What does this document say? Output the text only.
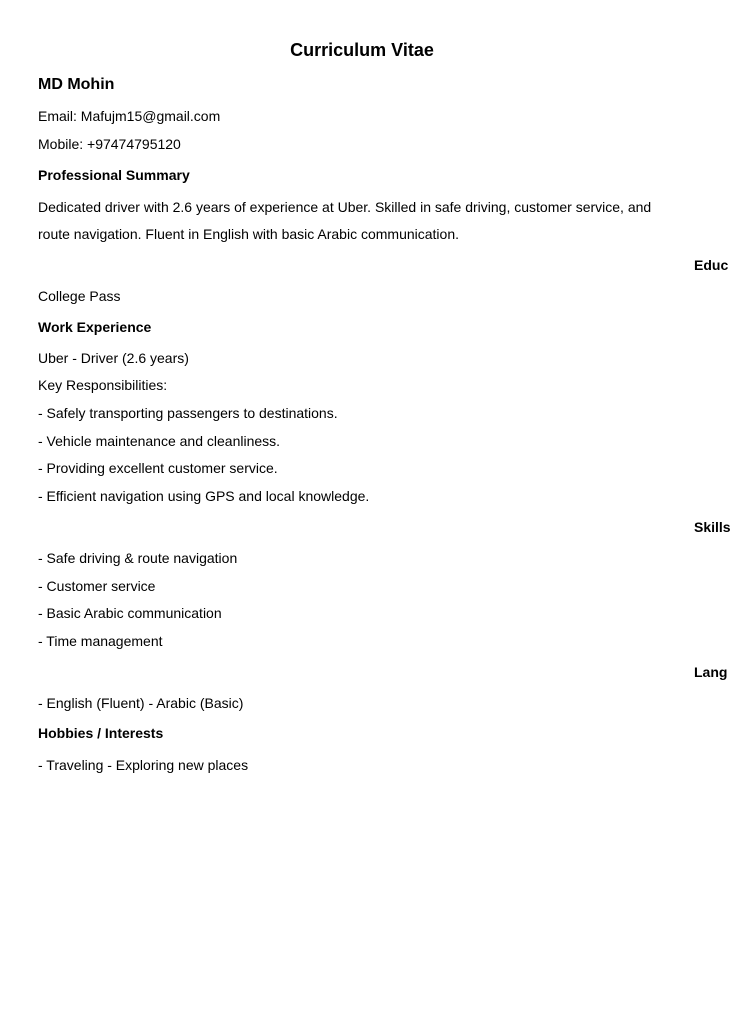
Curriculum Vitae
MD Mohin
Email: Mafujm15@gmail.com
Mobile: +97474795120
Professional Summary
Dedicated driver with 2.6 years of experience at Uber. Skilled in safe driving, customer service, and
route navigation. Fluent in English with basic Arabic communication.
Educ
College Pass
Work Experience
Uber - Driver (2.6 years)
Key Responsibilities:
- Safely transporting passengers to destinations.
- Vehicle maintenance and cleanliness.
- Providing excellent customer service.
- Efficient navigation using GPS and local knowledge.
Skills
- Safe driving & route navigation
- Customer service
- Basic Arabic communication
- Time management
Lang
- English (Fluent) - Arabic (Basic)
Hobbies / Interests
- Traveling - Exploring new places
